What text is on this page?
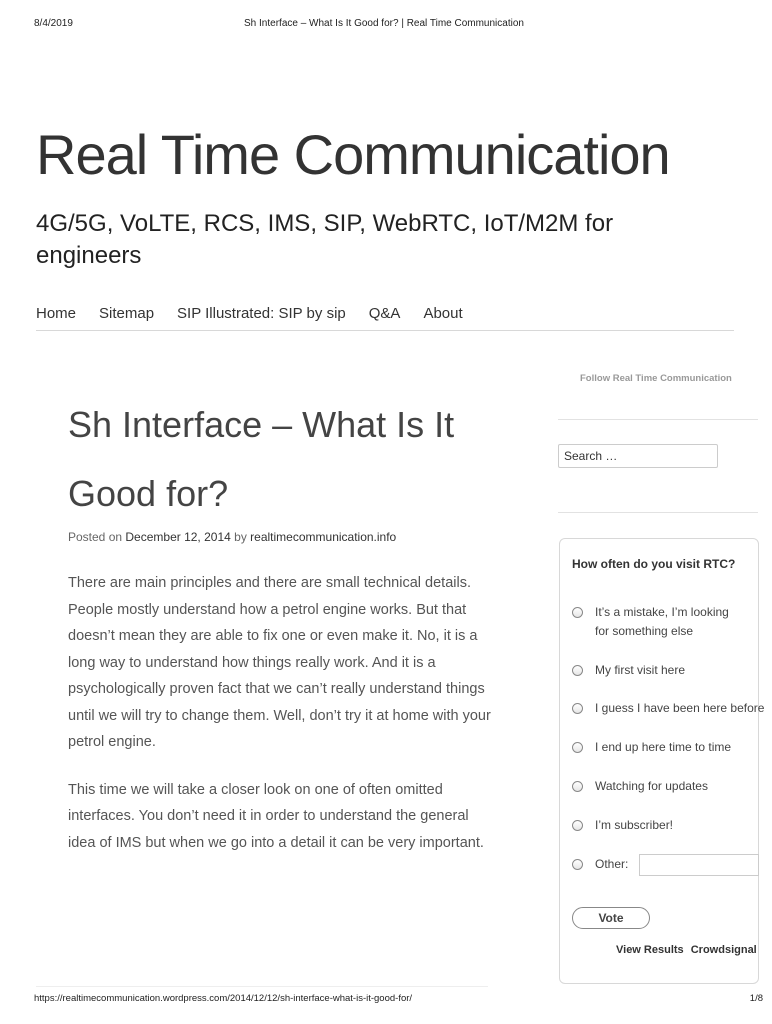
8/4/2019	Sh Interface – What Is It Good for? | Real Time Communication
Real Time Communication

4G/5G, VoLTE, RCS, IMS, SIP, WebRTC, IoT/M2M for engineers

Home Sitemap SIP Illustrated: SIP by sip Q&A About
Sh Interface – What Is It Good for?
Posted on December 12, 2014 by realtimecommunication.info

There are main principles and there are small technical details. People mostly understand how a petrol engine works. But that doesn’t mean they are able to fix one or even make it. No, it is a long way to understand how things really work. And it is a psychologically proven fact that we can’t really understand things until we will try to change them. Well, don’t try it at home with your petrol engine.

This time we will take a closer look on one of often omitted interfaces. You don’t need it in order to understand the general idea of IMS but when we go into a detail it can be very important.

Follow Real Time Communication
Search …
How often do you visit RTC?
It’s a mistake, I’m looking for something else
My first visit here
I guess I have been here before
I end up here time to time
Watching for updates
I’m subscriber!
Other:
Vote
View Results Crowdsignal
https://realtimecommunication.wordpress.com/2014/12/12/sh-interface-what-is-it-good-for/	1/8
